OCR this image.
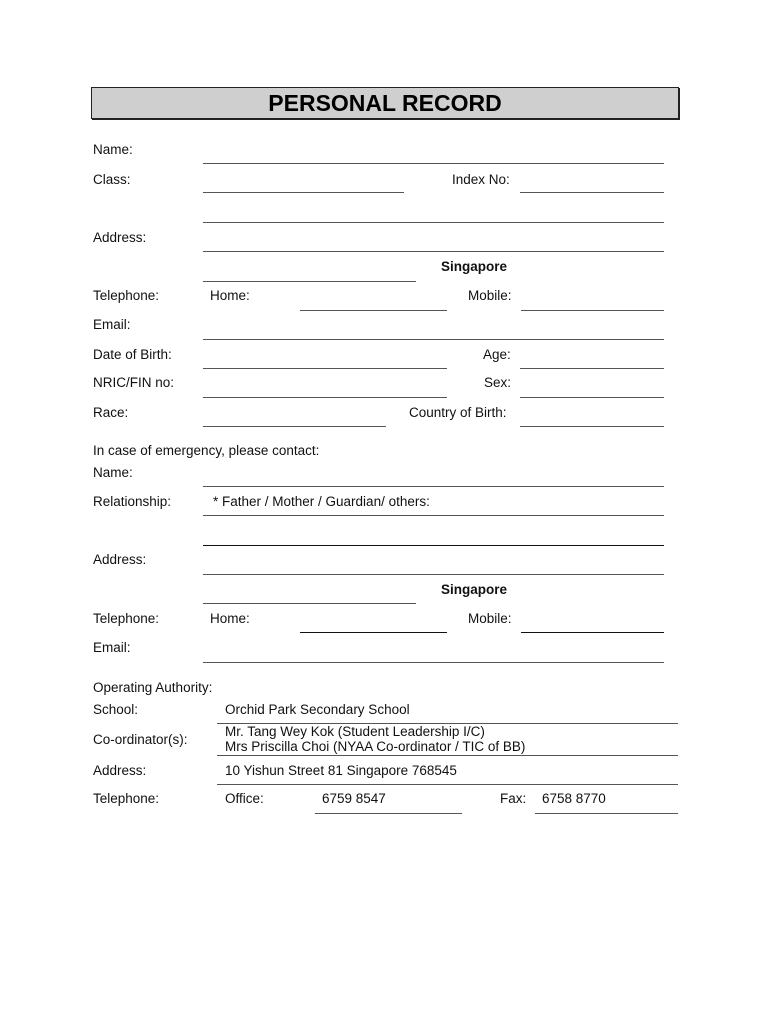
PERSONAL RECORD
Name:
Class:	Index No:
Address:
Singapore
Telephone:	Home:	Mobile:
Email:
Date of Birth:	Age:
NRIC/FIN no:	Sex:
Race:	Country of Birth:
In case of emergency, please contact:
Name:
Relationship:	* Father / Mother / Guardian/ others:
Address:
Singapore
Telephone:	Home:	Mobile:
Email:
Operating Authority:
School:	Orchid Park Secondary School
Co-ordinator(s):
Mr. Tang Wey Kok (Student Leadership I/C)
Mrs Priscilla Choi (NYAA Co-ordinator / TIC of BB)
Address:	10 Yishun Street 81 Singapore 768545
Telephone:	Office:	6759 8547	Fax: 6758 8770
